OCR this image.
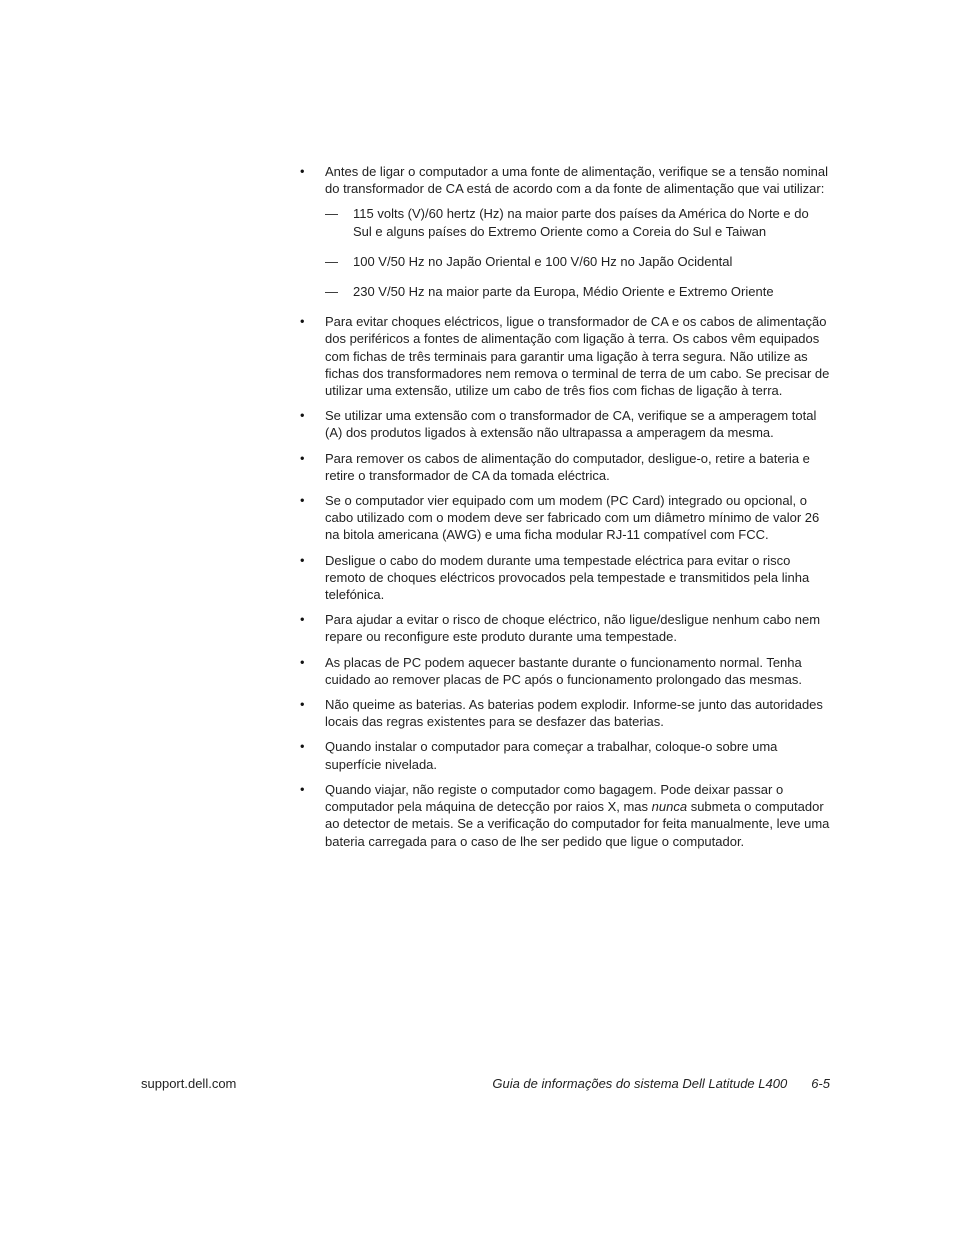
• Antes de ligar o computador a uma fonte de alimentação, verifique se a tensão nominal do transformador de CA está de acordo com a da fonte de alimentação que vai utilizar:
— 115 volts (V)/60 hertz (Hz) na maior parte dos países da América do Norte e do Sul e alguns países do Extremo Oriente como a Coreia do Sul e Taiwan
— 100 V/50 Hz no Japão Oriental e 100 V/60 Hz no Japão Ocidental
— 230 V/50 Hz na maior parte da Europa, Médio Oriente e Extremo Oriente
• Para evitar choques eléctricos, ligue o transformador de CA e os cabos de alimentação dos periféricos a fontes de alimentação com ligação à terra. Os cabos vêm equipados com fichas de três terminais para garantir uma ligação à terra segura. Não utilize as fichas dos transformadores nem remova o terminal de terra de um cabo. Se precisar de utilizar uma extensão, utilize um cabo de três fios com fichas de ligação à terra.
• Se utilizar uma extensão com o transformador de CA, verifique se a amperagem total (A) dos produtos ligados à extensão não ultrapassa a amperagem da mesma.
• Para remover os cabos de alimentação do computador, desligue-o, retire a bateria e retire o transformador de CA da tomada eléctrica.
• Se o computador vier equipado com um modem (PC Card) integrado ou opcional, o cabo utilizado com o modem deve ser fabricado com um diâmetro mínimo de valor 26 na bitola americana (AWG) e uma ficha modular RJ-11 compatível com FCC.
• Desligue o cabo do modem durante uma tempestade eléctrica para evitar o risco remoto de choques eléctricos provocados pela tempestade e transmitidos pela linha telefónica.
• Para ajudar a evitar o risco de choque eléctrico, não ligue/desligue nenhum cabo nem repare ou reconfigure este produto durante uma tempestade.
• As placas de PC podem aquecer bastante durante o funcionamento normal. Tenha cuidado ao remover placas de PC após o funcionamento prolongado das mesmas.
• Não queime as baterias. As baterias podem explodir. Informe-se junto das autoridades locais das regras existentes para se desfazer das baterias.
• Quando instalar o computador para começar a trabalhar, coloque-o sobre uma superfície nivelada.
• Quando viajar, não registe o computador como bagagem. Pode deixar passar o computador pela máquina de detecção por raios X, mas nunca submeta o computador ao detector de metais. Se a verificação do computador for feita manualmente, leve uma bateria carregada para o caso de lhe ser pedido que ligue o computador.
support.dell.com	Guia de informações do sistema Dell Latitude L400 6-5
